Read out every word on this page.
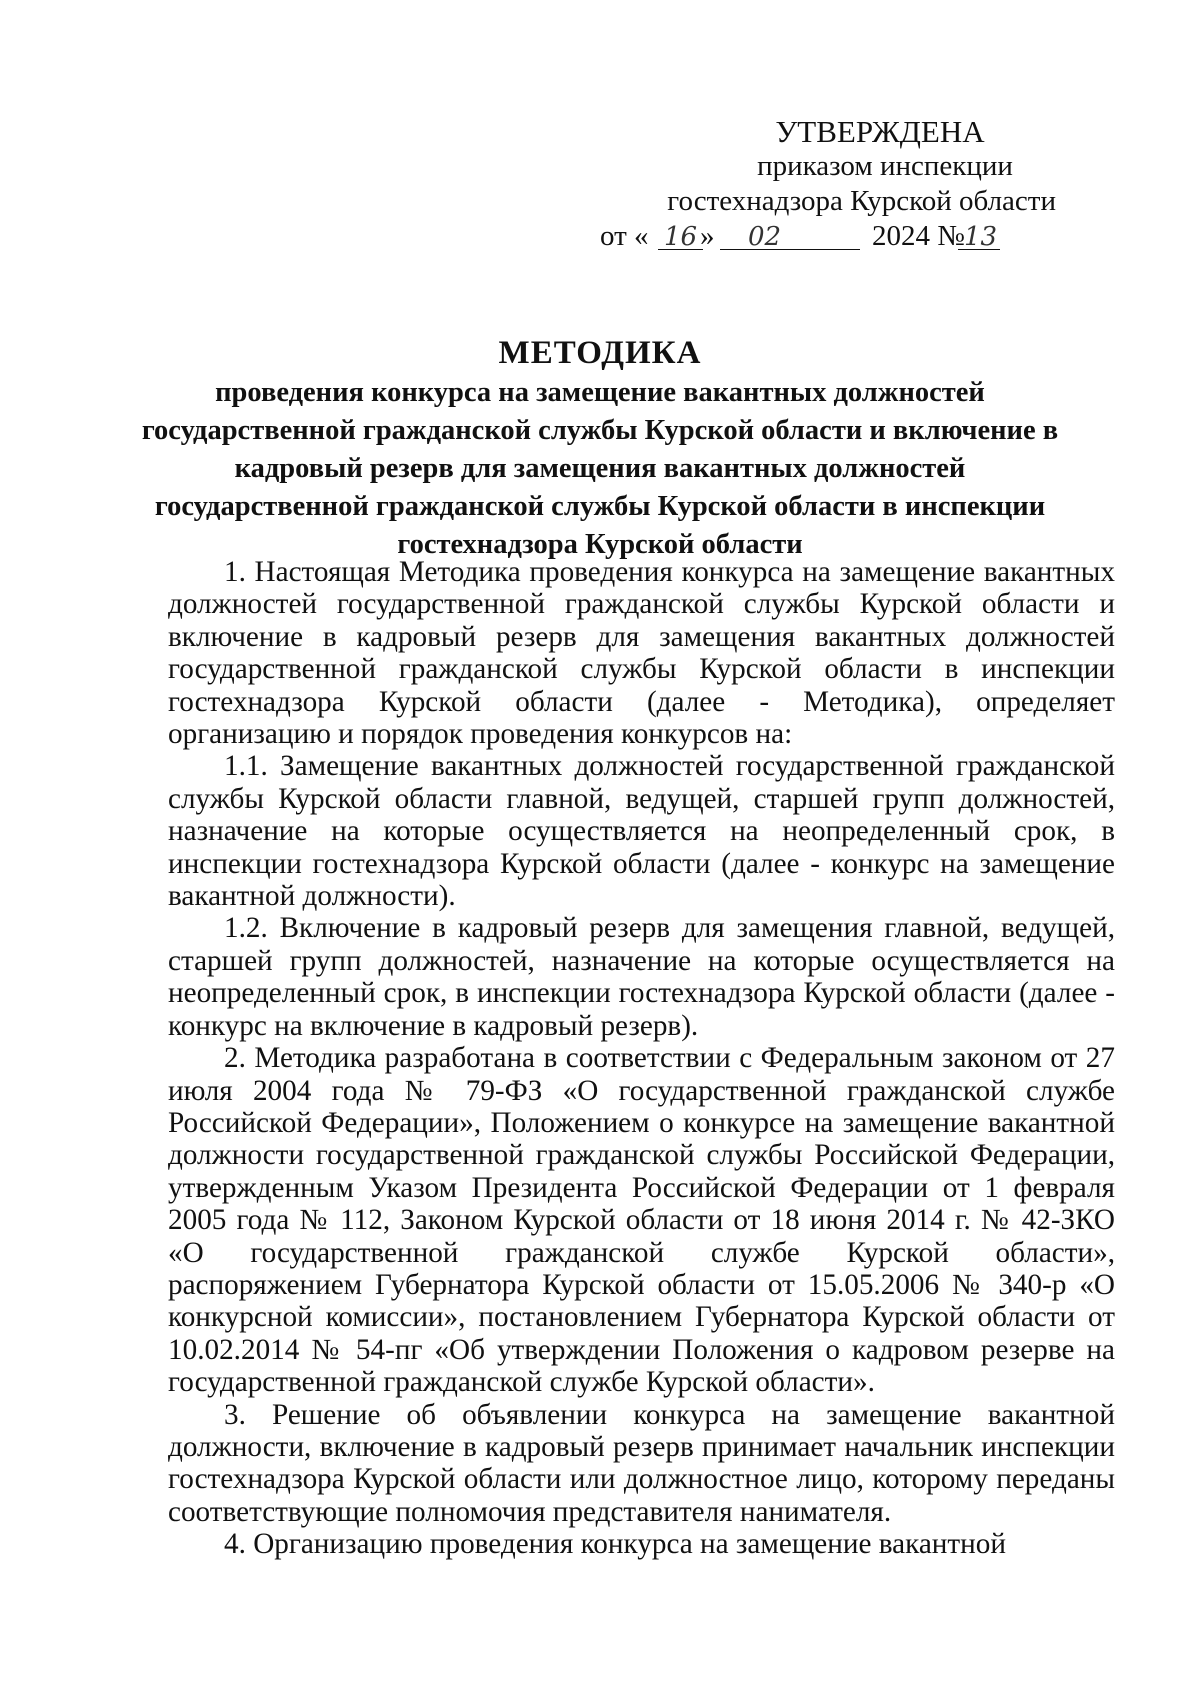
УТВЕРЖДЕНА
приказом инспекции
гостехнадзора Курской области
от « 16 »	02	2024 № 13
МЕТОДИКА
проведения конкурса на замещение вакантных должностей государственной гражданской службы Курской области и включение в кадровый резерв для замещения вакантных должностей государственной гражданской службы Курской области в инспекции гостехнадзора Курской области

1. Настоящая Методика проведения конкурса на замещение вакантных должностей государственной гражданской службы Курской области и включение в кадровый резерв для замещения вакантных должностей государственной гражданской службы Курской области в инспекции гостехнадзора Курской области (далее - Методика), определяет организацию и порядок проведения конкурсов на:

1.1. Замещение вакантных должностей государственной гражданской службы Курской области главной, ведущей, старшей групп должностей, назначение на которые осуществляется на неопределенный срок, в инспекции гостехнадзора Курской области (далее - конкурс на замещение вакантной должности).

1.2. Включение в кадровый резерв для замещения главной, ведущей, старшей групп должностей, назначение на которые осуществляется на неопределенный срок, в инспекции гостехнадзора Курской области (далее - конкурс на включение в кадровый резерв).

2. Методика разработана в соответствии с Федеральным законом от 27 июля 2004 года № 79-ФЗ «О государственной гражданской службе Российской Федерации», Положением о конкурсе на замещение вакантной должности государственной гражданской службы Российской Федерации, утвержденным Указом Президента Российской Федерации от 1 февраля 2005 года № 112, Законом Курской области от 18 июня 2014 г. № 42-ЗКО «О государственной гражданской службе Курской области», распоряжением Губернатора Курской области от 15.05.2006 № 340-р «О конкурсной комиссии», постановлением Губернатора Курской области от 10.02.2014 № 54-пг «Об утверждении Положения о кадровом резерве на государственной гражданской службе Курской области».

3. Решение об объявлении конкурса на замещение вакантной должности, включение в кадровый резерв принимает начальник инспекции гостехнадзора Курской области или должностное лицо, которому переданы соответствующие полномочия представителя нанимателя.

4. Организацию проведения конкурса на замещение вакантной
